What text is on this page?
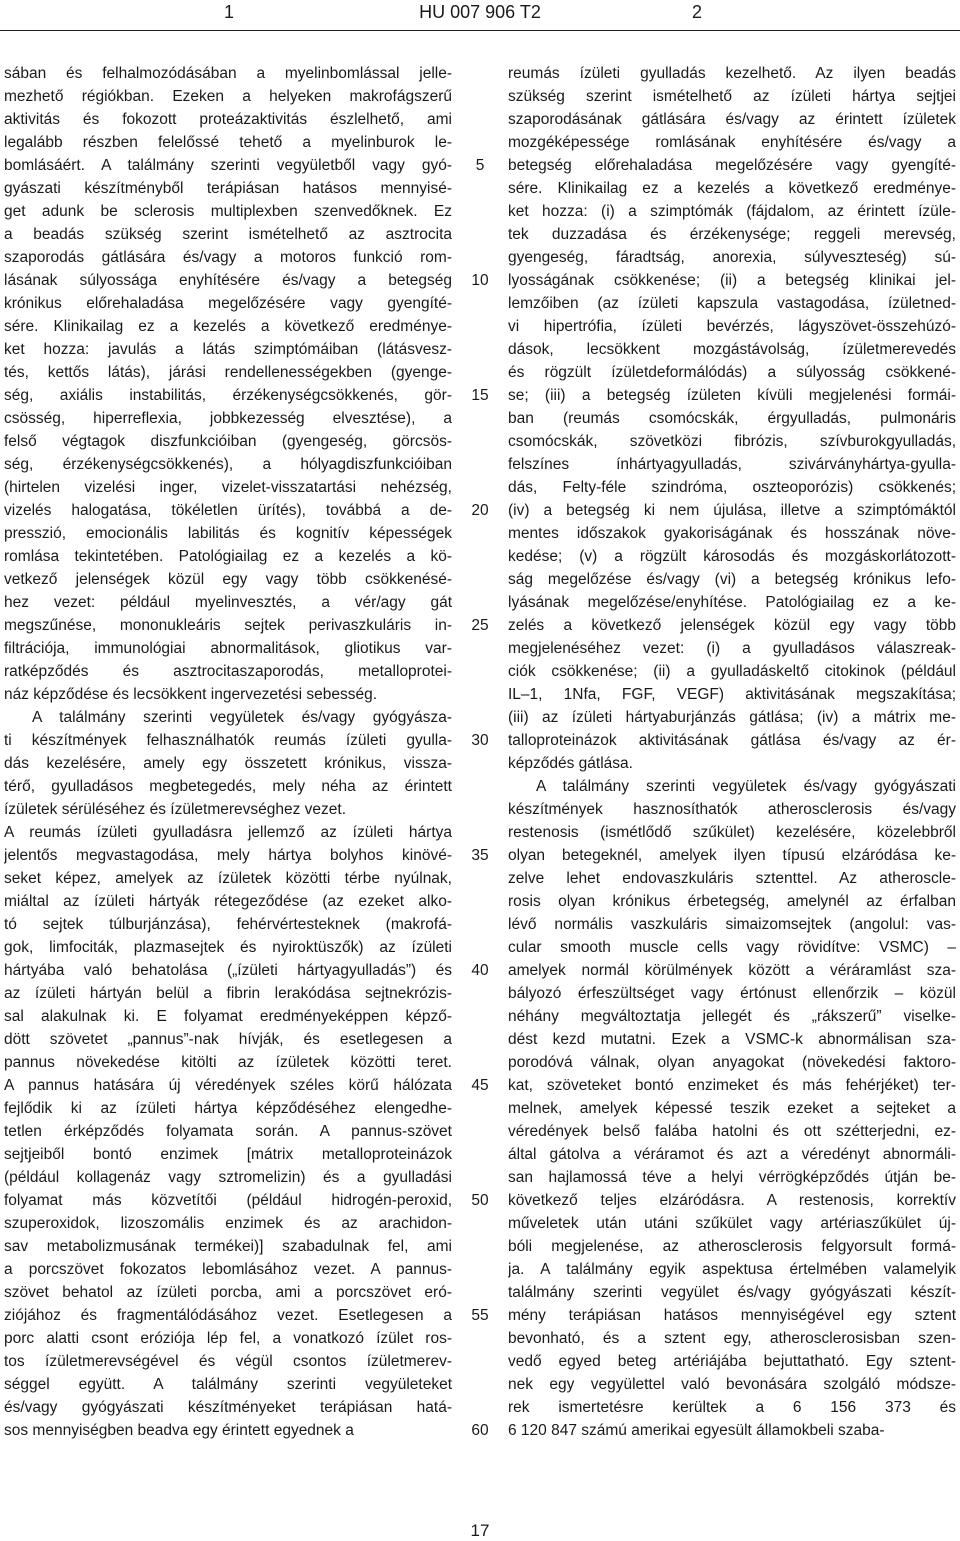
1	HU 007 906 T2	2
sában és felhalmozódásában a myelinbomlással jelle-
mezhető régiókban. Ezeken a helyeken makrofágszerű
aktivitás és fokozott proteázaktivitás észlelhető, ami
legalább részben felelőssé tehető a myelinburok le-
bomlásáért. A találmány szerinti vegyületből vagy gyó-
gyászati készítményből terápiásan hatásos mennyisé-
get adunk be sclerosis multiplexben szenvedőknek. Ez
a beadás szükség szerint ismételhető az asztrocita
szaporodás gátlására és/vagy a motoros funkció rom-
lásának súlyossága enyhítésére és/vagy a betegség
krónikus előrehaladása megelőzésére vagy gyengíté-
sére. Klinikailag ez a kezelés a következő eredménye-
ket hozza: javulás a látás szimptómáiban (látásvesz-
tés, kettős látás), járási rendellenességekben (gyenge-
ség, axiális instabilitás, érzékenységcsökkenés, gör-
csösség, hiperreflexia, jobbkezesség elvesztése), a
felső végtagok diszfunkcióiban (gyengeség, görcsös-
ség, érzékenységcsökkenés), a hólyagdiszfunkcióiban
(hirtelen vizelési inger, vizelet-visszatartási nehézség,
vizelés halogatása, tökéletlen ürítés), továbbá a de-
presszió, emocionális labilitás és kognitív képességek
romlása tekintetében. Patológiailag ez a kezelés a kö-
vetkező jelenségek közül egy vagy több csökkenésé-
hez vezet: például myelinvesztés, a vér/agy gát
megszűnése, mononukleáris sejtek perivaszkuláris in-
filtrációja, immunológiai abnormalitások, gliotikus var-
ratképződés és asztrocitaszaporodás, metalloprotei-
náz képződése és lecsökkent ingervezetési sebesség.
A találmány szerinti vegyületek és/vagy gyógyásza-
ti készítmények felhasználhatók reumás ízületi gyulla-
dás kezelésére, amely egy összetett krónikus, vissza-
térő, gyulladásos megbetegedés, mely néha az érintett
ízületek sérüléséhez és ízületmerevséghez vezet.
A reumás ízületi gyulladásra jellemző az ízületi hártya
jelentős megvastagodása, mely hártya bolyhos kinövé-
seket képez, amelyek az ízületek közötti térbe nyúlnak,
miáltal az ízületi hártyák rétegeződése (az ezeket alko-
tó sejtek túlburjánzása), fehérvértesteknek (makrofá-
gok, limfociták, plazmasejtek és nyiroktüszők) az ízületi
hártyába való behatolása („ízületi hártyagyulladás”) és
az ízületi hártyán belül a fibrin lerakódása sejtnekrózis-
sal alakulnak ki. E folyamat eredményeképpen képző-
dött szövetet „pannus”-nak hívják, és esetlegesen a
pannus növekedése kitölti az ízületek közötti teret.
A pannus hatására új véredények széles körű hálózata
fejlődik ki az ízületi hártya képződéséhez elengedhe-
tetlen érképződés folyamata során. A pannus-szövet
sejtjeiből bontó enzimek [mátrix metalloproteinázok
(például kollagenáz vagy sztromelizin) és a gyulladási
folyamat más közvetítői (például hidrogén-peroxid,
szuperoxidok, lizoszomális enzimek és az arachidon-
sav metabolizmusának termékei)] szabadulnak fel, ami
a porcszövet fokozatos lebomlásához vezet. A pannus-
szövet behatol az ízületi porcba, ami a porcszövet eró-
ziójához és fragmentálódásához vezet. Esetlegesen a
porc alatti csont eróziója lép fel, a vonatkozó ízület ros-
tos ízületmerevségével és végül csontos ízületmerev-
séggel együtt. A találmány szerinti vegyületeket
és/vagy gyógyászati készítményeket terápiásan hatá-
sos mennyiségben beadva egy érintett egyednek a
5
10
15
20
25
30
35
40
45
50
55
60
reumás ízületi gyulladás kezelhető. Az ilyen beadás
szükség szerint ismételhető az ízületi hártya sejtjei
szaporodásának gátlására és/vagy az érintett ízületek
mozgéképessége romlásának enyhítésére és/vagy a
betegség előrehaladása megelőzésére vagy gyengíté-
sére. Klinikailag ez a kezelés a következő eredménye-
ket hozza: (i) a szimptómák (fájdalom, az érintett ízüle-
tek duzzadása és érzékenysége; reggeli merevség,
gyengeség, fáradtság, anorexia, súlyveszteség) sú-
lyosságának csökkenése; (ii) a betegség klinikai jel-
lemzőiben (az ízületi kapszula vastagodása, ízületned-
vi hipertrófia, ízületi bevérzés, lágyszövet-összehúzó-
dások, lecsökkent mozgástávolság, ízületmerevedés
és rögzült ízületdeformálódás) a súlyosság csökkené-
se; (iii) a betegség ízületen kívüli megjelenési formái-
ban (reumás csomócskák, érgyulladás, pulmonáris
csomócskák, szövetközi fibrózis, szívburokgyulladás,
felszínes ínhártyagyulladás, szivárványhártya-gyulla-
dás, Felty-féle szindróma, oszteoporózis) csökkenés;
(iv) a betegség ki nem újulása, illetve a szimptómáktól
mentes időszakok gyakoriságának és hosszának növe-
kedése; (v) a rögzült károsodás és mozgáskorlátozott-
ság megelőzése és/vagy (vi) a betegség krónikus lefo-
lyásának megelőzése/enyhítése. Patológiailag ez a ke-
zelés a következő jelenségek közül egy vagy több
megjelenéséhez vezet: (i) a gyulladásos válaszreak-
ciók csökkenése; (ii) a gyulladáskeltő citokinok (például
IL–1, 1Nfa, FGF, VEGF) aktivitásának megszakítása;
(iii) az ízületi hártyaburjánzás gátlása; (iv) a mátrix me-
talloproteinázok aktivitásának gátlása és/vagy az ér-
képződés gátlása.
A találmány szerinti vegyületek és/vagy gyógyászati
készítmények hasznosíthatók atherosclerosis és/vagy
restenosis (ismétlődő szűkület) kezelésére, közelebbről
olyan betegeknél, amelyek ilyen típusú elzáródása ke-
zelve lehet endovaszkuláris sztenttel. Az atheroscle-
rosis olyan krónikus érbetegség, amelynél az érfalban
lévő normális vaszkuláris simaizomsejtek (angolul: vas-
cular smooth muscle cells vagy rövidítve: VSMC) –
amelyek normál körülmények között a véráramlást sza-
bályozó érfeszültséget vagy értónust ellenőrzik – közül
néhány megváltoztatja jellegét és „rákszerű” viselke-
dést kezd mutatni. Ezek a VSMC-k abnormálisan sza-
porodóvá válnak, olyan anyagokat (növekedési faktoro-
kat, szöveteket bontó enzimeket és más fehérjéket) ter-
melnek, amelyek képessé teszik ezeket a sejteket a
véredények belső falába hatolni és ott szétterjedni, ez-
által gátolva a véráramot és azt a véredényt abnormáli-
san hajlamossá téve a helyi vérrögképződés útján be-
következő teljes elzáródásra. A restenosis, korrektív
műveletek után utáni szűkület vagy artériaszűkület új-
bóli megjelenése, az atherosclerosis felgyorsult formá-
ja. A találmány egyik aspektusa értelmében valamelyik
találmány szerinti vegyület és/vagy gyógyászati készít-
mény terápiásan hatásos mennyiségével egy sztent
bevonható, és a sztent egy, atherosclerosisban szen-
vedő egyed beteg artériájába bejuttatható. Egy sztent-
nek egy vegyülettel való bevonására szolgáló módsze-
rek ismertetésre kerültek a 6 156 373 és
6 120 847 számú amerikai egyesült államokbeli szaba-
17
